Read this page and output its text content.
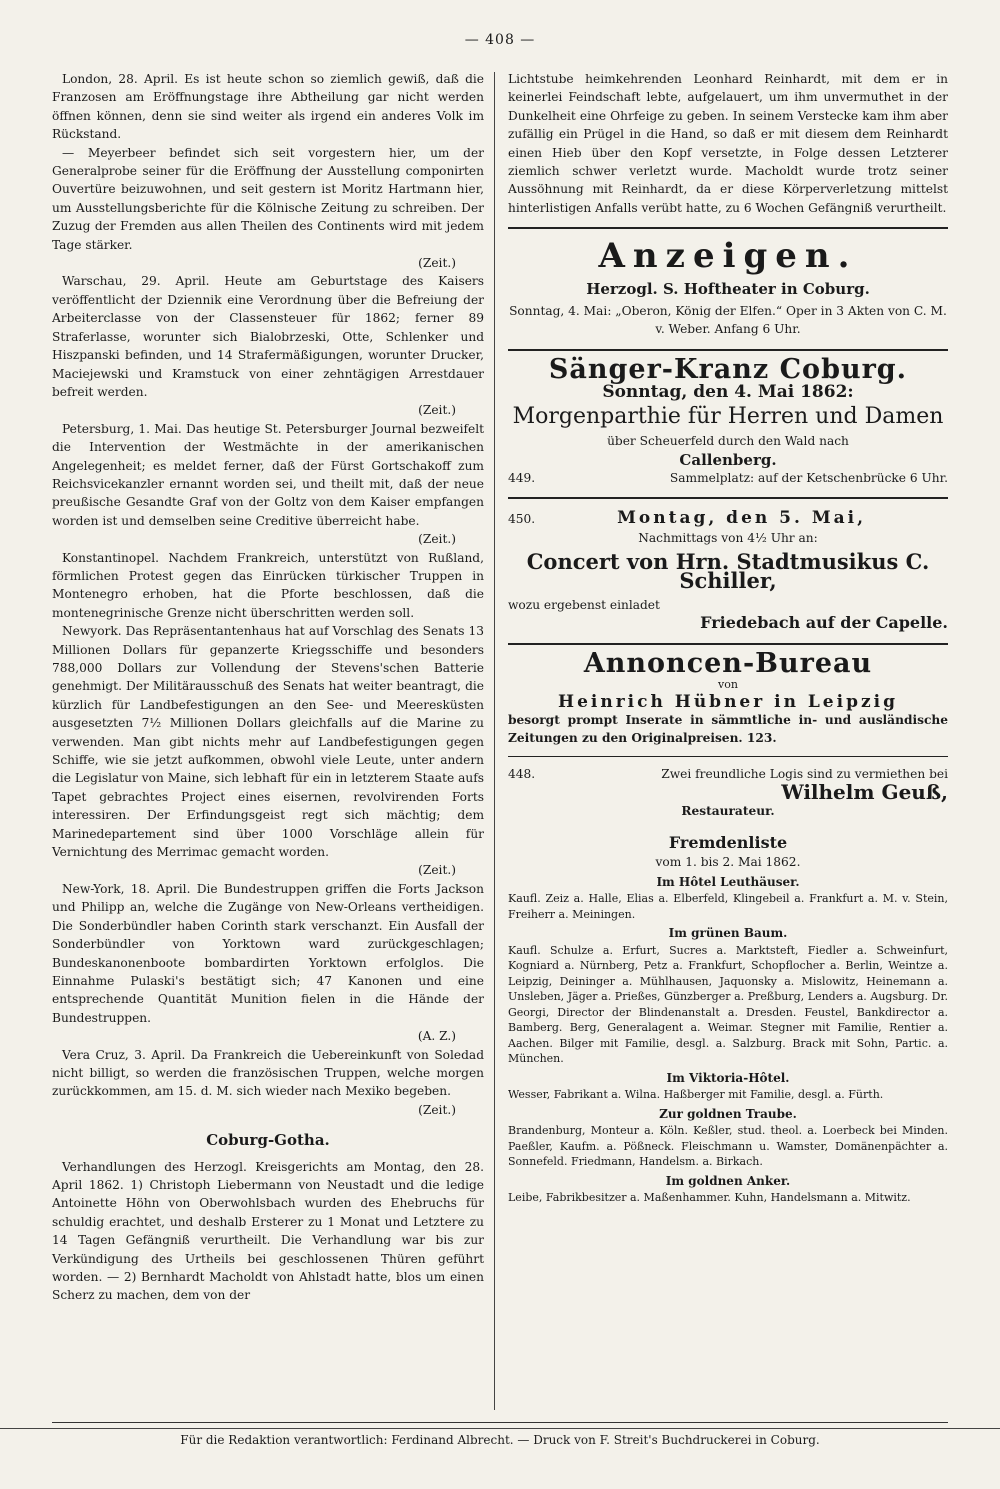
— 408 —

London, 28. April. Es ist heute schon so ziemlich gewiß, daß die Franzosen am Eröffnungstage ihre Abtheilung gar nicht werden öffnen können, denn sie sind weiter als irgend ein anderes Volk im Rückstand.

— Meyerbeer befindet sich seit vorgestern hier, um der Generalprobe seiner für die Eröffnung der Ausstellung componirten Ouvertüre beizuwohnen, und seit gestern ist Moritz Hartmann hier, um Ausstellungsberichte für die Kölnische Zeitung zu schreiben. Der Zuzug der Fremden aus allen Theilen des Continents wird mit jedem Tage stärker.

(Zeit.)

Warschau, 29. April. Heute am Geburtstage des Kaisers veröffentlicht der Dziennik eine Verordnung über die Befreiung der Arbeiterclasse von der Classensteuer für 1862; ferner 89 Straferlasse, worunter sich Bialobrzeski, Otte, Schlenker und Hiszpanski befinden, und 14 Strafermäßigungen, worunter Drucker, Maciejewski und Kramstuck von einer zehntägigen Arrestdauer befreit werden.

(Zeit.)

Petersburg, 1. Mai. Das heutige St. Petersburger Journal bezweifelt die Intervention der Westmächte in der amerikanischen Angelegenheit; es meldet ferner, daß der Fürst Gortschakoff zum Reichsvicekanzler ernannt worden sei, und theilt mit, daß der neue preußische Gesandte Graf von der Goltz von dem Kaiser empfangen worden ist und demselben seine Creditive überreicht habe.

(Zeit.)

Konstantinopel. Nachdem Frankreich, unterstützt von Rußland, förmlichen Protest gegen das Einrücken türkischer Truppen in Montenegro erhoben, hat die Pforte beschlossen, daß die montenegrinische Grenze nicht überschritten werden soll.

Newyork. Das Repräsentantenhaus hat auf Vorschlag des Senats 13 Millionen Dollars für gepanzerte Kriegsschiffe und besonders 788,000 Dollars zur Vollendung der Stevens'schen Batterie genehmigt. Der Militärausschuß des Senats hat weiter beantragt, die kürzlich für Landbefestigungen an den See- und Meeresküsten ausgesetzten 7½ Millionen Dollars gleichfalls auf die Marine zu verwenden. Man gibt nichts mehr auf Landbefestigungen gegen Schiffe, wie sie jetzt aufkommen, obwohl viele Leute, unter andern die Legislatur von Maine, sich lebhaft für ein in letzterem Staate aufs Tapet gebrachtes Project eines eisernen, revolvirenden Forts interessiren. Der Erfindungsgeist regt sich mächtig; dem Marinedepartement sind über 1000 Vorschläge allein für Vernichtung des Merrimac gemacht worden.

(Zeit.)

New-York, 18. April. Die Bundestruppen griffen die Forts Jackson und Philipp an, welche die Zugänge von New-Orleans vertheidigen. Die Sonderbündler haben Corinth stark verschanzt. Ein Ausfall der Sonderbündler von Yorktown ward zurückgeschlagen; Bundeskanonenboote bombardirten Yorktown erfolglos. Die Einnahme Pulaski's bestätigt sich; 47 Kanonen und eine entsprechende Quantität Munition fielen in die Hände der Bundestruppen.

(A. Z.)

Vera Cruz, 3. April. Da Frankreich die Uebereinkunft von Soledad nicht billigt, so werden die französischen Truppen, welche morgen zurückkommen, am 15. d. M. sich wieder nach Mexiko begeben.

(Zeit.)
Coburg-Gotha.

Verhandlungen des Herzogl. Kreisgerichts am Montag, den 28. April 1862. 1) Christoph Liebermann von Neustadt und die ledige Antoinette Höhn von Oberwohlsbach wurden des Ehebruchs für schuldig erachtet, und deshalb Ersterer zu 1 Monat und Letztere zu 14 Tagen Gefängniß verurtheilt. Die Verhandlung war bis zur Verkündigung des Urtheils bei geschlossenen Thüren geführt worden. — 2) Bernhardt Macholdt von Ahlstadt hatte, blos um einen Scherz zu machen, dem von der

Lichtstube heimkehrenden Leonhard Reinhardt, mit dem er in keinerlei Feindschaft lebte, aufgelauert, um ihm unvermuthet in der Dunkelheit eine Ohrfeige zu geben. In seinem Verstecke kam ihm aber zufällig ein Prügel in die Hand, so daß er mit diesem dem Reinhardt einen Hieb über den Kopf versetzte, in Folge dessen Letzterer ziemlich schwer verletzt wurde. Macholdt wurde trotz seiner Aussöhnung mit Reinhardt, da er diese Körperverletzung mittelst hinterlistigen Anfalls verübt hatte, zu 6 Wochen Gefängniß verurtheilt.

Anzeigen.
Herzogl. S. Hoftheater in Coburg.

Sonntag, 4. Mai: „Oberon, König der Elfen.“ Oper in 3 Akten von C. M. v. Weber. Anfang 6 Uhr.

Sänger-Kranz Coburg.
Sonntag, den 4. Mai 1862:
Morgenparthie für Herren und Damen
über Scheuerfeld durch den Wald nach
Callenberg.
449.	Sammelplatz: auf der Ketschenbrücke 6 Uhr.
450.	Montag, den 5. Mai,
Nachmittags von 4½ Uhr an:
Concert von Hrn. Stadtmusikus C. Schiller,
wozu ergebenst einladet
Friedebach auf der Capelle.
Annoncen-Bureau
von
Heinrich Hübner in Leipzig

besorgt prompt Inserate in sämmtliche in- und ausländische Zeitungen zu den Originalpreisen. 123.

448.	Zwei freundliche Logis sind zu vermiethen bei
Wilhelm Geuß,
Restaurateur.
Fremdenliste
vom 1. bis 2. Mai 1862.
Im Hôtel Leuthäuser.

Kaufl. Zeiz a. Halle, Elias a. Elberfeld, Klingebeil a. Frankfurt a. M. v. Stein, Freiherr a. Meiningen.

Im grünen Baum.

Kaufl. Schulze a. Erfurt, Sucres a. Marktsteft, Fiedler a. Schweinfurt, Kogniard a. Nürnberg, Petz a. Frankfurt, Schopflocher a. Berlin, Weintze a. Leipzig, Deininger a. Mühlhausen, Jaquonsky a. Mislowitz, Heinemann a. Unsleben, Jäger a. Prießes, Günzberger a. Preßburg, Lenders a. Augsburg. Dr. Georgi, Director der Blindenanstalt a. Dresden. Feustel, Bankdirector a. Bamberg. Berg, Generalagent a. Weimar. Stegner mit Familie, Rentier a. Aachen. Bilger mit Familie, desgl. a. Salzburg. Brack mit Sohn, Partic. a. München.

Im Viktoria-Hôtel.

Wesser, Fabrikant a. Wilna. Haßberger mit Familie, desgl. a. Fürth.

Zur goldnen Traube.

Brandenburg, Monteur a. Köln. Keßler, stud. theol. a. Loerbeck bei Minden. Paeßler, Kaufm. a. Pößneck. Fleischmann u. Wamster, Domänenpächter a. Sonnefeld. Friedmann, Handelsm. a. Birkach.

Im goldnen Anker.

Leibe, Fabrikbesitzer a. Maßenhammer. Kuhn, Handelsmann a. Mitwitz.

Für die Redaktion verantwortlich: Ferdinand Albrecht. — Druck von F. Streit's Buchdruckerei in Coburg.
